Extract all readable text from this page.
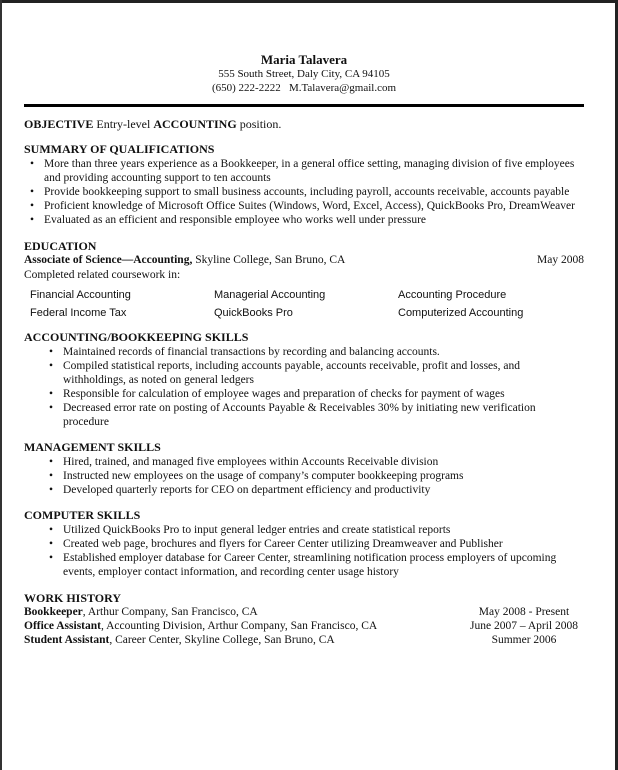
Maria Talavera
555 South Street, Daly City, CA 94105
(650) 222-2222   M.Talavera@gmail.com
OBJECTIVE Entry-level ACCOUNTING position.
SUMMARY OF QUALIFICATIONS
• More than three years experience as a Bookkeeper, in a general office setting, managing division of five employees and providing accounting support to ten accounts
• Provide bookkeeping support to small business accounts, including payroll, accounts receivable, accounts payable
• Proficient knowledge of Microsoft Office Suites (Windows, Word, Excel, Access), QuickBooks Pro, DreamWeaver
• Evaluated as an efficient and responsible employee who works well under pressure
EDUCATION
Associate of Science—Accounting, Skyline College, San Bruno, CA	May 2008
Completed related coursework in:
Financial Accounting	Managerial Accounting	Accounting Procedure
Federal Income Tax	QuickBooks Pro	Computerized Accounting
ACCOUNTING/BOOKKEEPING SKILLS
• Maintained records of financial transactions by recording and balancing accounts.
• Compiled statistical reports, including accounts payable, accounts receivable, profit and losses, and withholdings, as noted on general ledgers
• Responsible for calculation of employee wages and preparation of checks for payment of wages
• Decreased error rate on posting of Accounts Payable & Receivables 30% by initiating new verification procedure
MANAGEMENT SKILLS
• Hired, trained, and managed five employees within Accounts Receivable division
• Instructed new employees on the usage of company’s computer bookkeeping programs
• Developed quarterly reports for CEO on department efficiency and productivity
COMPUTER SKILLS
• Utilized QuickBooks Pro to input general ledger entries and create statistical reports
• Created web page, brochures and flyers for Career Center utilizing Dreamweaver and Publisher
• Established employer database for Career Center, streamlining notification process employers of upcoming events, employer contact information, and recording center usage history
WORK HISTORY
Bookkeeper, Arthur Company, San Francisco, CA	May 2008 - Present
Office Assistant, Accounting Division, Arthur Company, San Francisco, CA	June 2007 – April 2008
Student Assistant, Career Center, Skyline College, San Bruno, CA	Summer 2006
